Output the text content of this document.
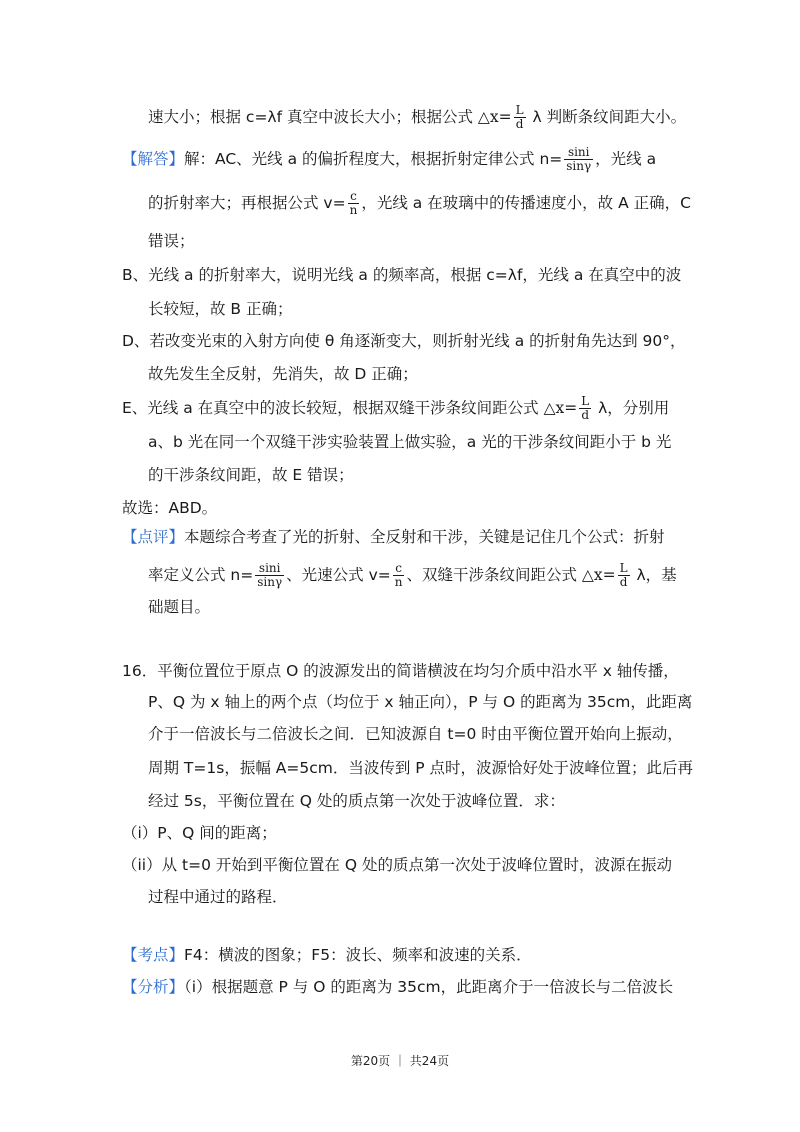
速大小；根据 c=λf 真空中波长大小；根据公式 △x= $\frac{L}{d}$ λ 判断条纹间距大小。
【解答】解：AC、光线 a 的偏折程度大，根据折射定律公式 $n= \frac{\sin i}{\sin\gamma}$ ，光线 a
的折射率大；再根据公式 $v= \frac{c}{n}$ ，光线 a 在玻璃中的传播速度小，故 A 正确，C
错误；
B、光线 a 的折射率大，说明光线 a 的频率高，根据 c=λf，光线 a 在真空中的波
长较短，故 B 正确；
D、若改变光束的入射方向使 θ 角逐渐变大，则折射光线 a 的折射角先达到 90°，
故先发生全反射，先消失，故 D 正确；
E、光线 a 在真空中的波长较短，根据双缝干涉条纹间距公式 △x= $\frac{L}{d}$ λ，分别用
a、b 光在同一个双缝干涉实验装置上做实验，a 光的干涉条纹间距小于 b 光
的干涉条纹间距，故 E 错误；
故选：ABD。
【点评】本题综合考查了光的折射、全反射和干涉，关键是记住几个公式：折射
率定义公式 $n= \frac{\sin i}{\sin\gamma}$ 、光速公式 $v= \frac{c}{n}$ 、双缝干涉条纹间距公式 △x= $\frac{L}{d}$ λ，基
础题目。
16．平衡位置位于原点 O 的波源发出的简谐横波在均匀介质中沿水平 x 轴传播，
P、Q 为 x 轴上的两个点（均位于 x 轴正向），P 与 O 的距离为 35cm，此距离
介于一倍波长与二倍波长之间．已知波源自 t=0 时由平衡位置开始向上振动，
周期 T=1s，振幅 A=5cm．当波传到 P 点时，波源恰好处于波峰位置；此后再
经过 5s，平衡位置在 Q 处的质点第一次处于波峰位置．求：
（i）P、Q 间的距离；
（ii）从 t=0 开始到平衡位置在 Q 处的质点第一次处于波峰位置时，波源在振动
过程中通过的路程．
【考点】F4：横波的图象；F5：波长、频率和波速的关系．
【分析】（i）根据题意 P 与 O 的距离为 35cm，此距离介于一倍波长与二倍波长
第20页 ｜ 共24页
